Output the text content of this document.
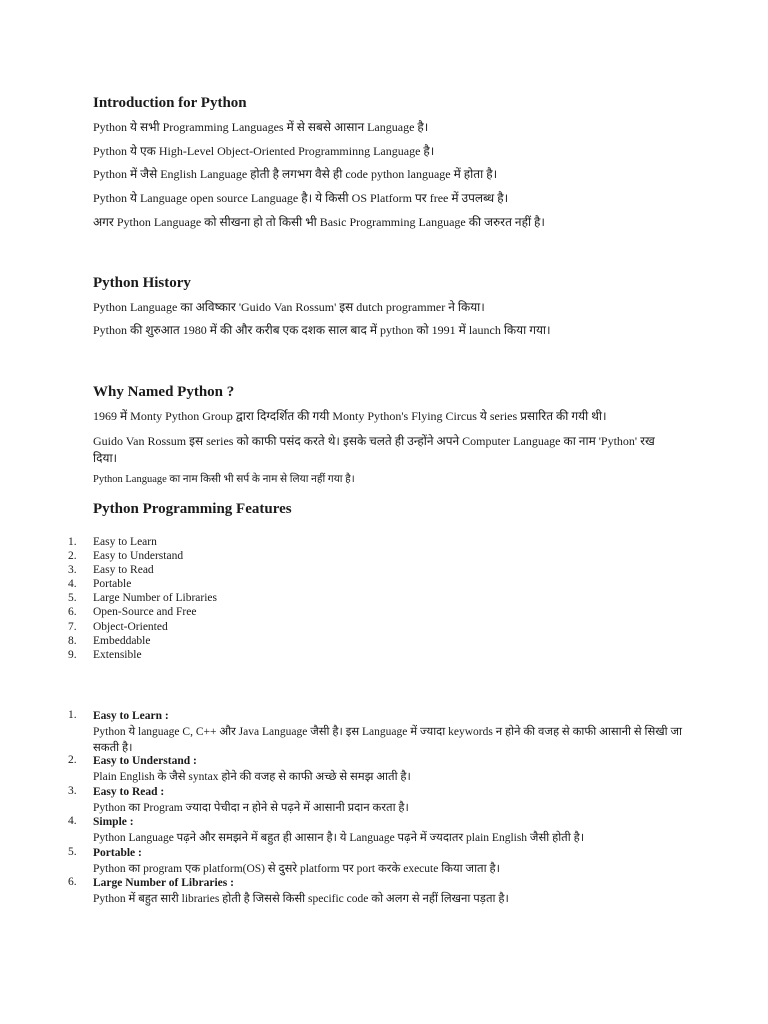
Introduction for Python

Python ये सभी Programming Languages में से सबसे आसान Language है।

Python ये एक High-Level Object-Oriented Programminng Language है।

Python में जैसे English Language होती है लगभग वैसे ही code python language में होता है।

Python ये Language open source Language है। ये किसी OS Platform पर free में उपलब्ध है।

अगर Python Language को सीखना हो तो किसी भी Basic Programming Language की जरुरत नहीं है।

Python History

Python Language का अविष्कार 'Guido Van Rossum' इस dutch programmer ने किया।

Python की शुरुआत 1980 में की और करीब एक दशक साल बाद में python को 1991 में launch किया गया।

Why Named Python ?

1969 में Monty Python Group द्वारा दिग्दर्शित की गयी Monty Python's Flying Circus ये series प्रसारित की गयी थी।

Guido Van Rossum इस series को काफी पसंद करते थे। इसके चलते ही उन्होंने अपने Computer Language का नाम 'Python' रख दिया।

Python Language का नाम किसी भी सर्प के नाम से लिया नहीं गया है।

Python Programming Features
1.	Easy to Learn
2.	Easy to Understand
3.	Easy to Read
4.	Portable
5.	Large Number of Libraries
6.	Open-Source and Free
7.	Object-Oriented
8.	Embeddable
9.	Extensible
1.	Easy to Learn :
Python ये language C, C++ और Java Language जैसी है। इस Language में ज्यादा keywords न होने की वजह से काफी आसानी से सिखी जा सकती है।
2.	Easy to Understand :
Plain English के जैसे syntax होने की वजह से काफी अच्छे से समझ आती है।
3.	Easy to Read :
Python का Program ज्यादा पेचीदा न होने से पढ़ने में आसानी प्रदान करता है।
4.	Simple :
Python Language पढ़ने और समझने में बहुत ही आसान है। ये Language पढ़ने में ज्यदातर plain English जैसी होती है।
5.	Portable :
Python का program एक platform(OS) से दुसरे platform पर port करके execute किया जाता है।
6.	Large Number of Libraries :
Python में बहुत सारी libraries होती है जिससे किसी specific code को अलग से नहीं लिखना पड़ता है।
